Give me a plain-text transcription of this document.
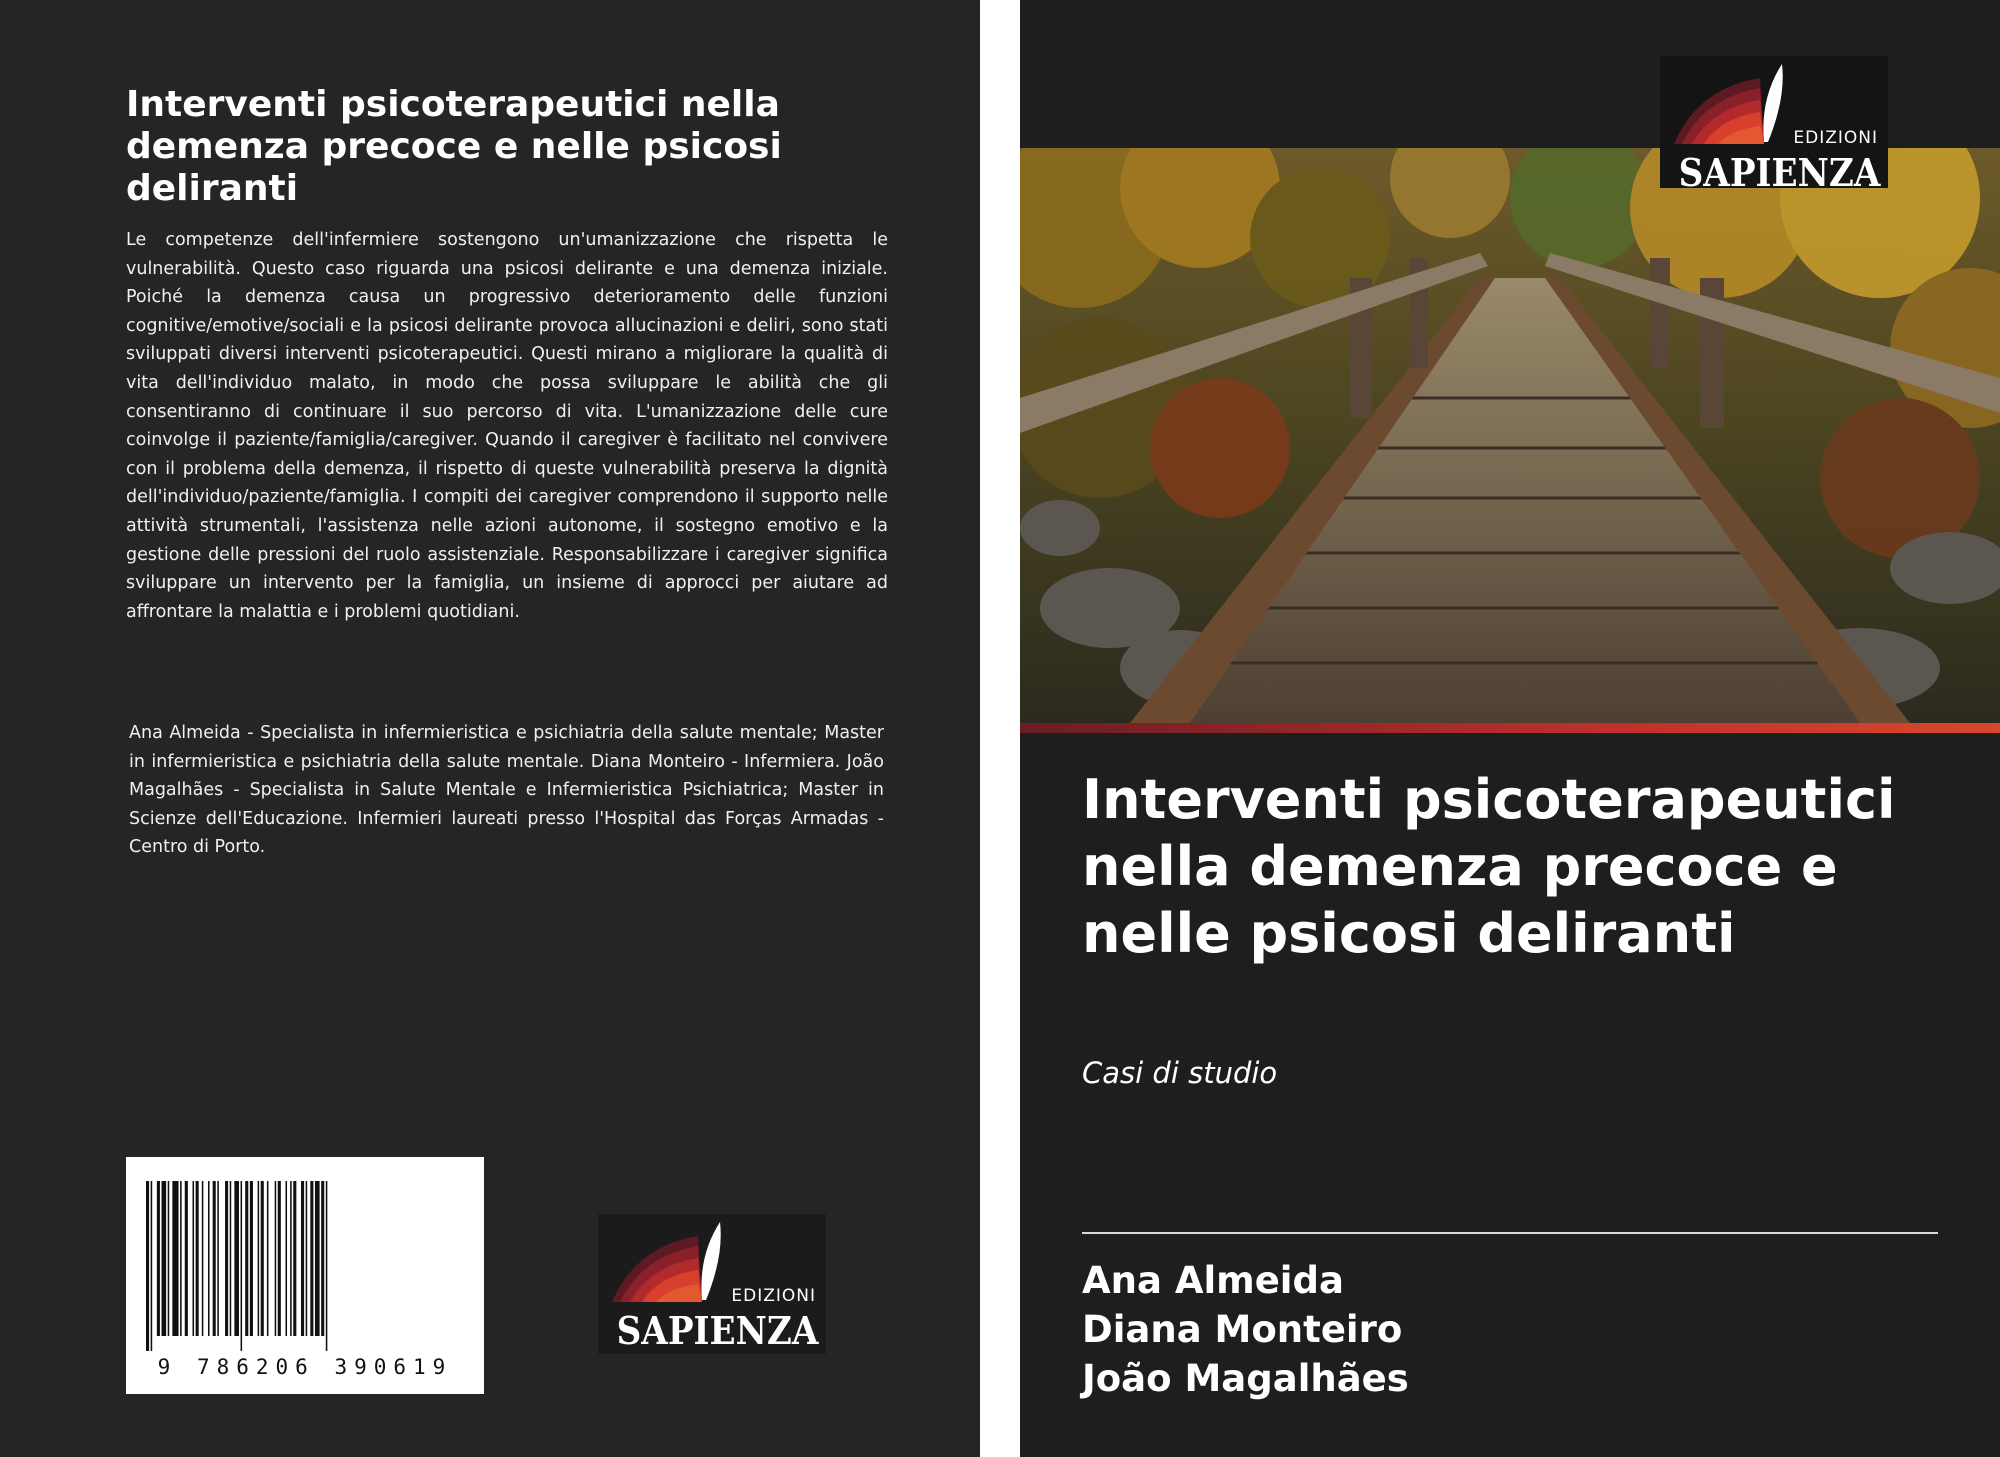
Interventi psicoterapeutici nella demenza precoce e nelle psicosi deliranti

Le competenze dell'infermiere sostengono un'umanizzazione che rispetta le vulnerabilità. Questo caso riguarda una psicosi delirante e una demenza iniziale. Poiché la demenza causa un progressivo deterioramento delle funzioni cognitive/emotive/sociali e la psicosi delirante provoca allucinazioni e deliri, sono stati sviluppati diversi interventi psicoterapeutici. Questi mirano a migliorare la qualità di vita dell'individuo malato, in modo che possa sviluppare le abilità che gli consentiranno di continuare il suo percorso di vita. L'umanizzazione delle cure coinvolge il paziente/famiglia/caregiver. Quando il caregiver è facilitato nel convivere con il problema della demenza, il rispetto di queste vulnerabilità preserva la dignità dell'individuo/paziente/famiglia. I compiti dei caregiver comprendono il supporto nelle attività strumentali, l'assistenza nelle azioni autonome, il sostegno emotivo e la gestione delle pressioni del ruolo assistenziale. Responsabilizzare i caregiver significa sviluppare un intervento per la famiglia, un insieme di approcci per aiutare ad affrontare la malattia e i problemi quotidiani.

Ana Almeida - Specialista in infermieristica e psichiatria della salute mentale; Master in infermieristica e psichiatria della salute mentale. Diana Monteiro - Infermiera. João Magalhães - Specialista in Salute Mentale e Infermieristica Psichiatrica; Master in Scienze dell'Educazione. Infermieri laureati presso l'Hospital das Forças Armadas - Centro di Porto.

9 786206 390619
EDIZIONI
SAPIENZA
EDIZIONI
SAPIENZA
Interventi psicoterapeutici nella demenza precoce e nelle psicosi deliranti
Casi di studio
Ana Almeida
Diana Monteiro
João Magalhães
